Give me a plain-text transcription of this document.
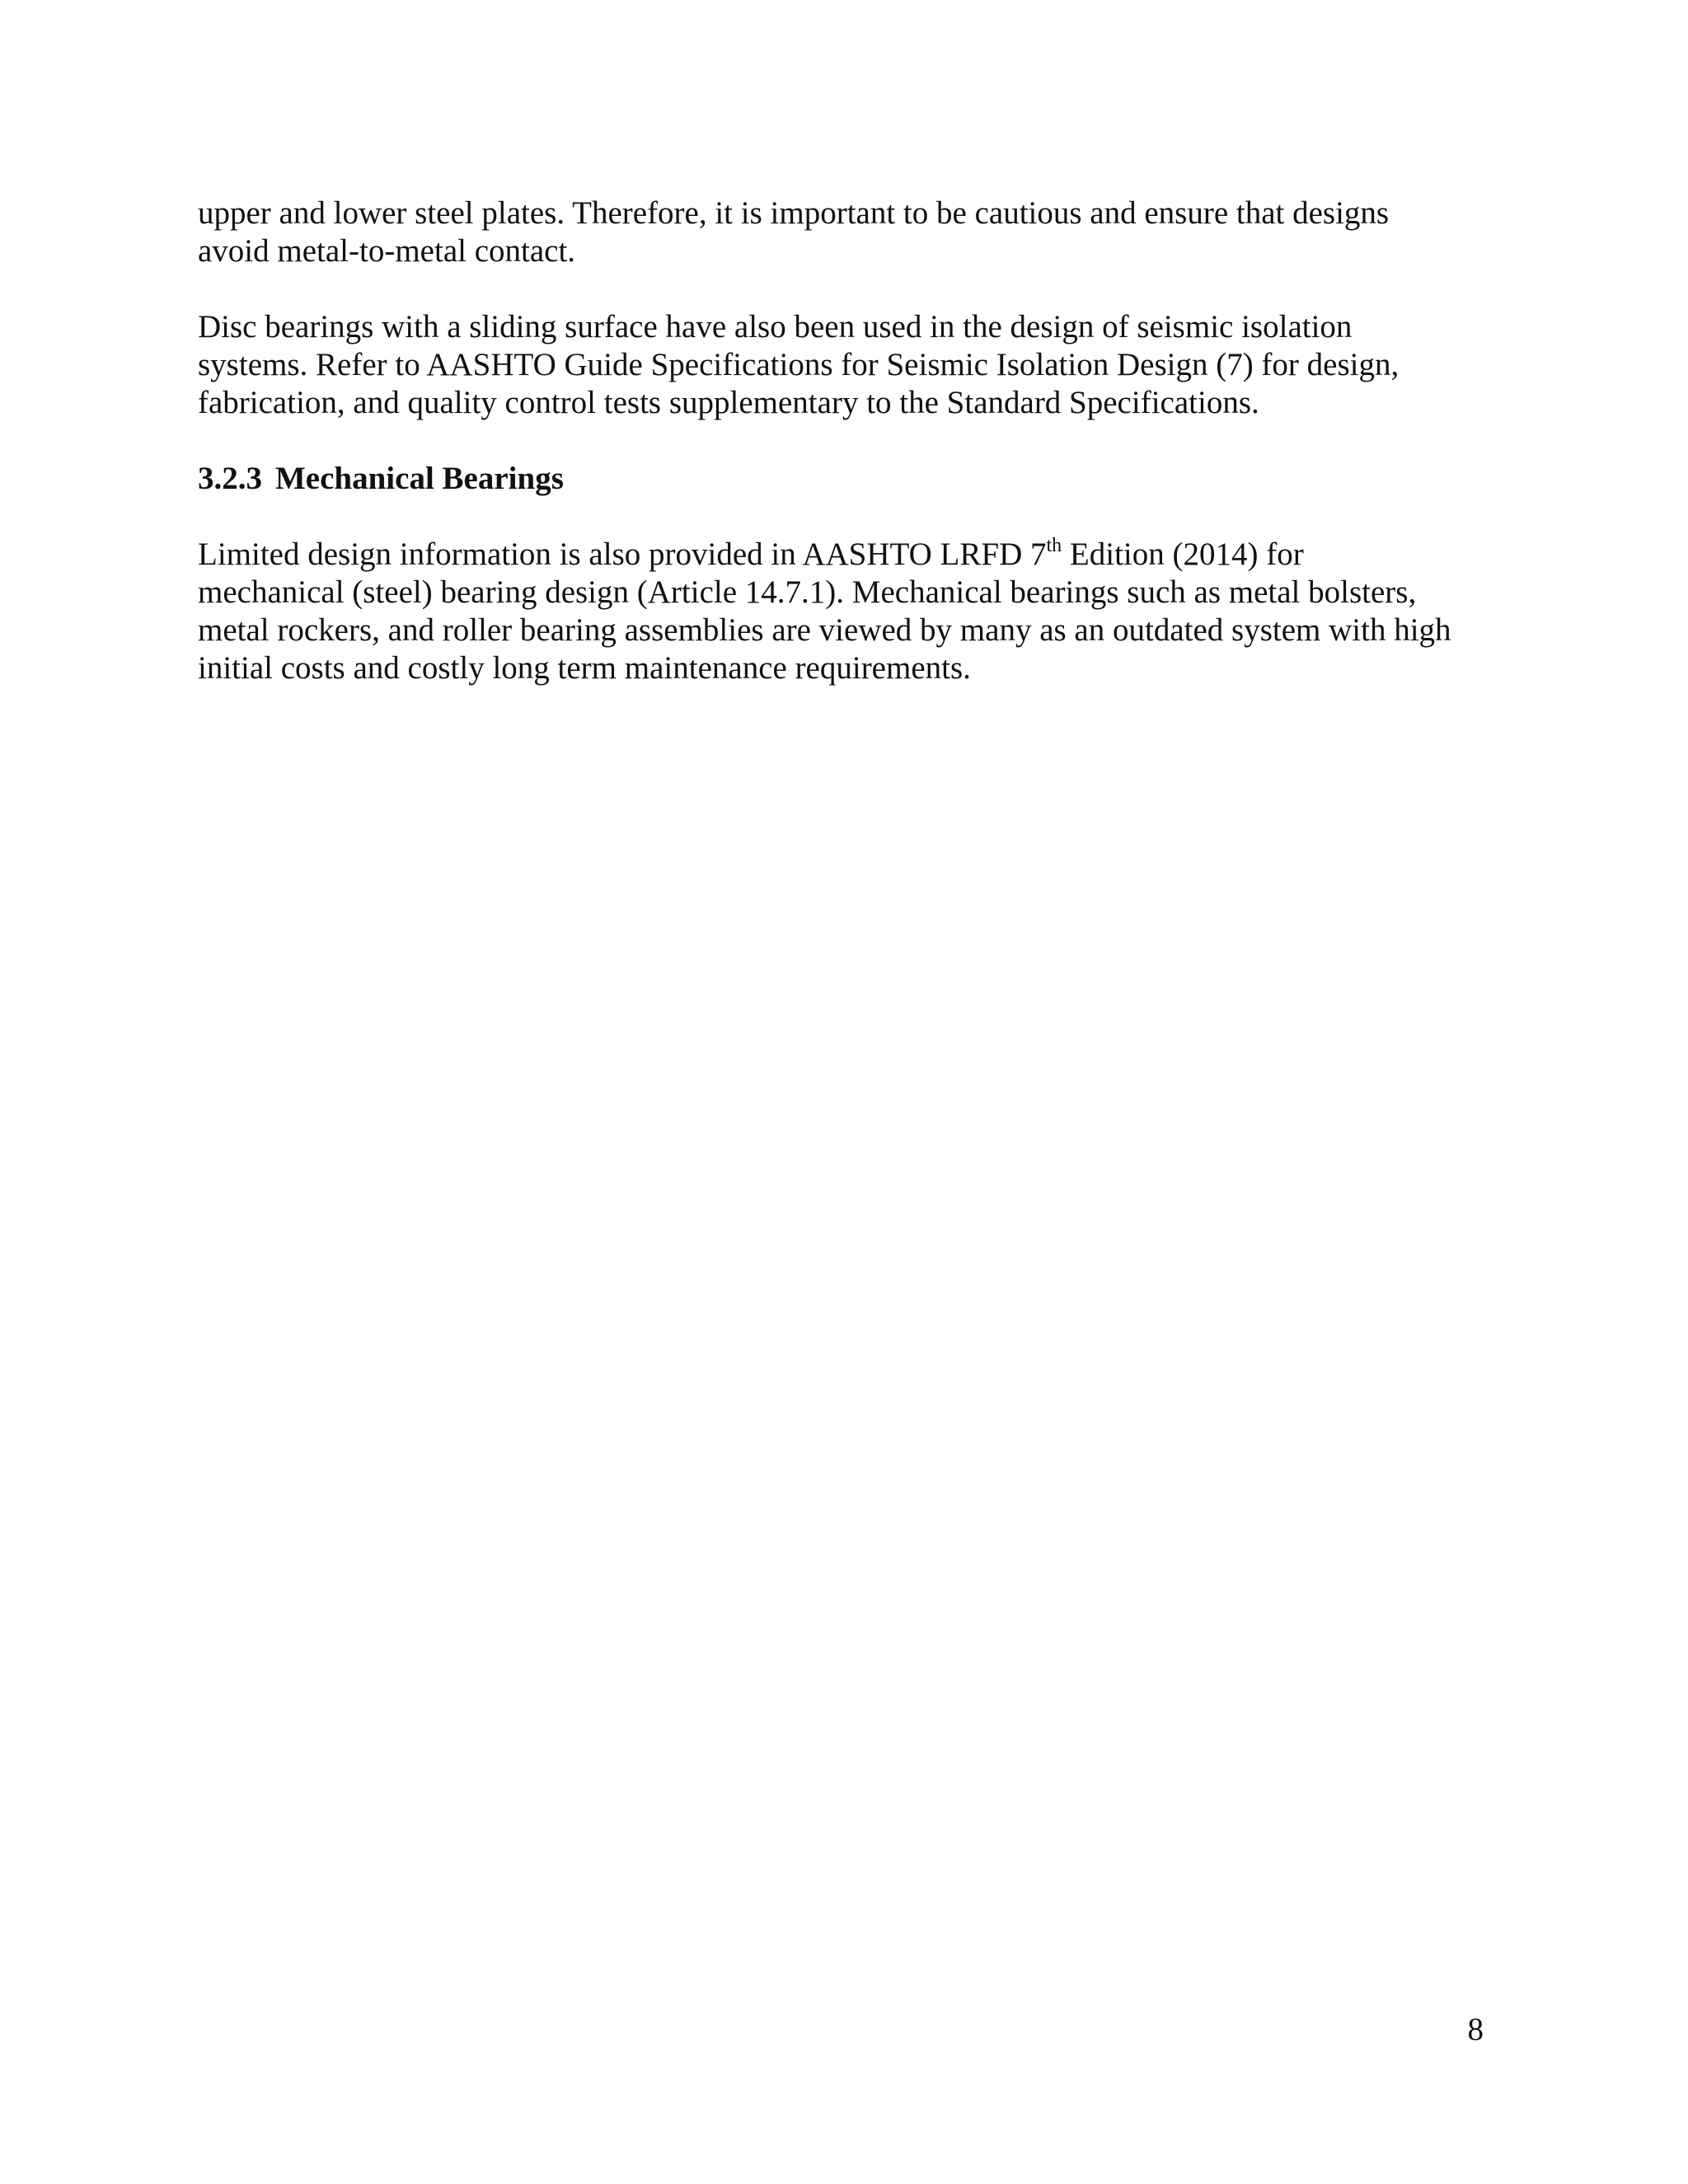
upper and lower steel plates. Therefore, it is important to be cautious and ensure that designs
avoid metal-to-metal contact.

Disc bearings with a sliding surface have also been used in the design of seismic isolation
systems. Refer to AASHTO Guide Specifications for Seismic Isolation Design (7) for design,
fabrication, and quality control tests supplementary to the Standard Specifications.

3.2.3 Mechanical Bearings

Limited design information is also provided in AASHTO LRFD 7th Edition (2014) for
mechanical (steel) bearing design (Article 14.7.1). Mechanical bearings such as metal bolsters,
metal rockers, and roller bearing assemblies are viewed by many as an outdated system with high
initial costs and costly long term maintenance requirements.

8
